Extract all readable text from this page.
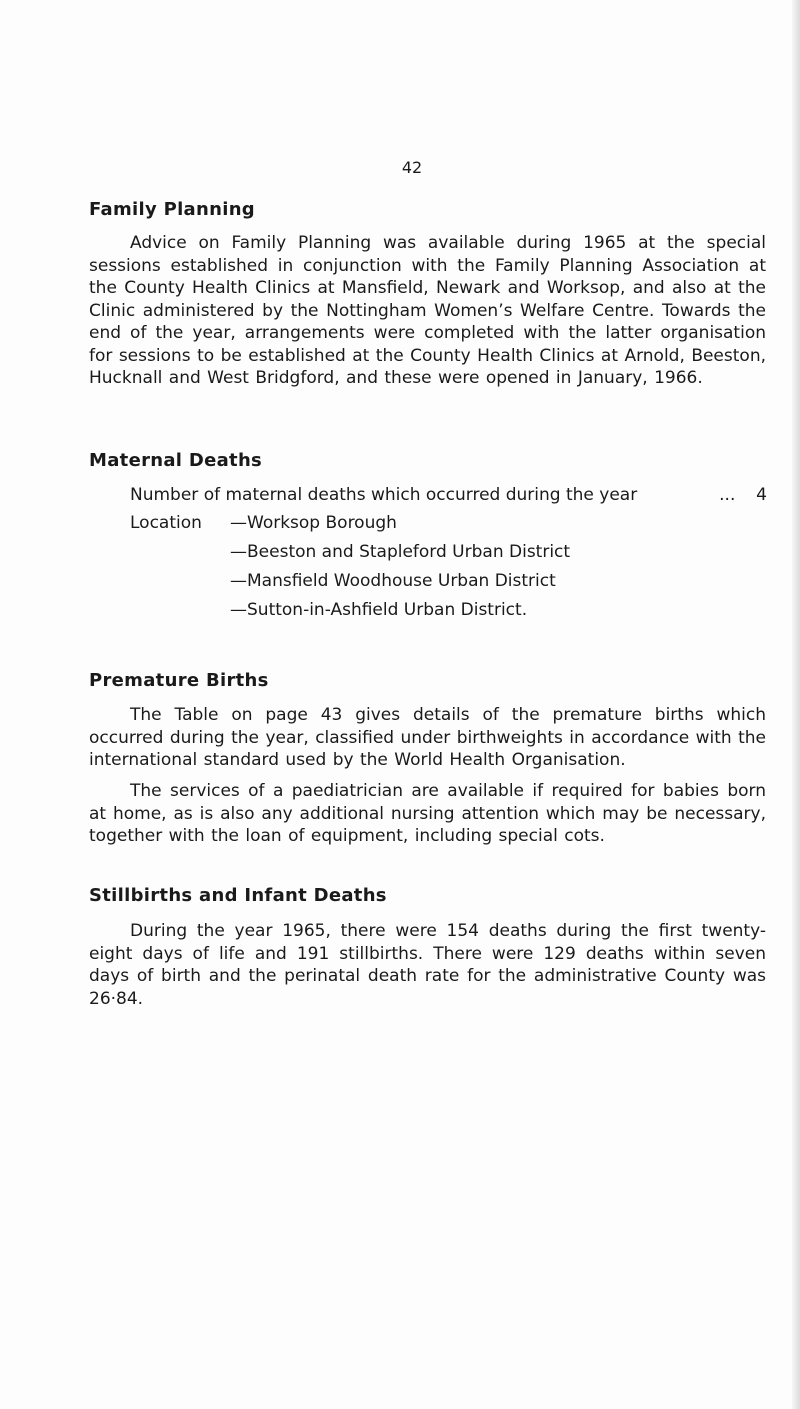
42
Family Planning

Advice on Family Planning was available during 1965 at the special sessions established in conjunction with the Family Planning Association at the County Health Clinics at Mansfield, Newark and Worksop, and also at the Clinic administered by the Nottingham Women’s Welfare Centre. Towards the end of the year, arrangements were completed with the latter organisation for sessions to be established at the County Health Clinics at Arnold, Beeston, Hucknall and West Bridgford, and these were opened in January, 1966.

Maternal Deaths
Number of maternal deaths which occurred during the year	... 4
Location —Worksop Borough
—Beeston and Stapleford Urban District
—Mansfield Woodhouse Urban District
—Sutton-in-Ashfield Urban District.
Premature Births

The Table on page 43 gives details of the premature births which occurred during the year, classified under birthweights in accordance with the international standard used by the World Health Organisation.

The services of a paediatrician are available if required for babies born at home, as is also any additional nursing attention which may be necessary, together with the loan of equipment, including special cots.

Stillbirths and Infant Deaths

During the year 1965, there were 154 deaths during the first twenty-eight days of life and 191 stillbirths. There were 129 deaths within seven days of birth and the perinatal death rate for the administrative County was 26·84.
